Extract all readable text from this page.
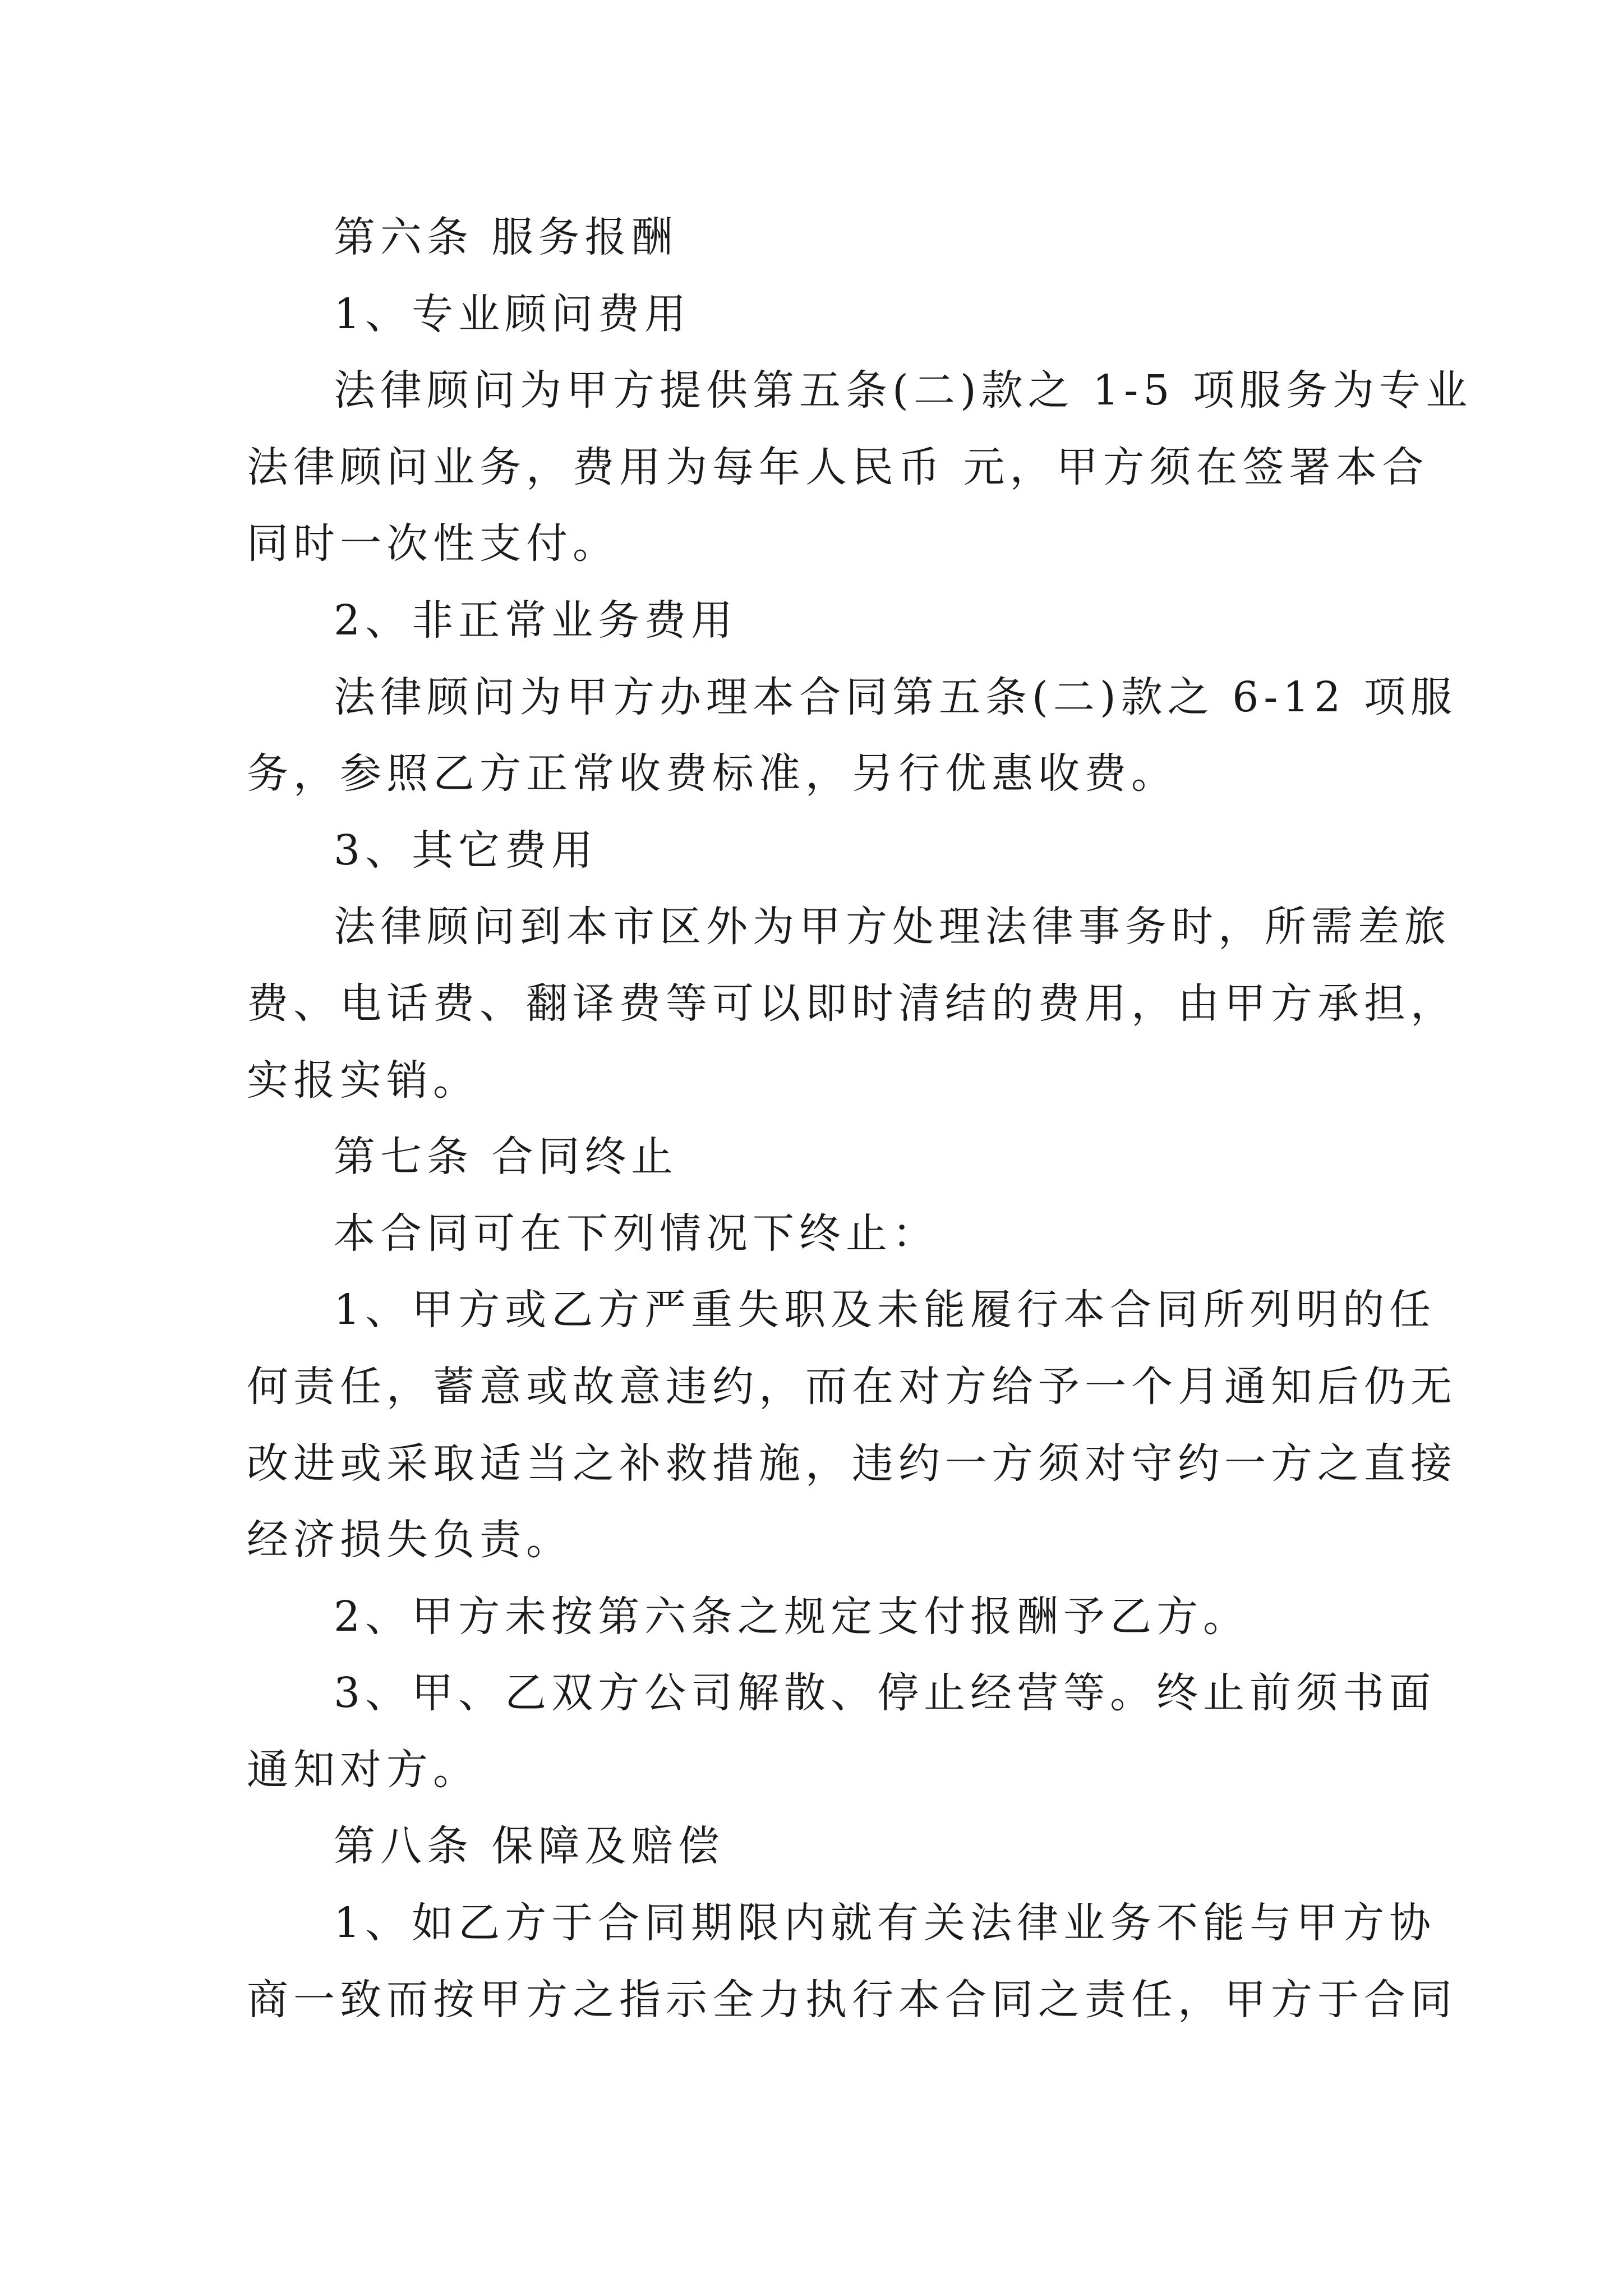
第六条 服务报酬
1、专业顾问费用
法律顾问为甲方提供第五条(二)款之 1-5 项服务为专业
法律顾问业务，费用为每年人民币 元，甲方须在签署本合
同时一次性支付。
2、非正常业务费用
法律顾问为甲方办理本合同第五条(二)款之 6-12 项服
务，参照乙方正常收费标准，另行优惠收费。
3、其它费用
法律顾问到本市区外为甲方处理法律事务时，所需差旅
费、电话费、翻译费等可以即时清结的费用，由甲方承担，
实报实销。
第七条 合同终止
本合同可在下列情况下终止：
1、甲方或乙方严重失职及未能履行本合同所列明的任
何责任，蓄意或故意违约，而在对方给予一个月通知后仍无
改进或采取适当之补救措施，违约一方须对守约一方之直接
经济损失负责。
2、甲方未按第六条之规定支付报酬予乙方。
3、甲、乙双方公司解散、停止经营等。终止前须书面
通知对方。
第八条 保障及赔偿
1、如乙方于合同期限内就有关法律业务不能与甲方协
商一致而按甲方之指示全力执行本合同之责任，甲方于合同
